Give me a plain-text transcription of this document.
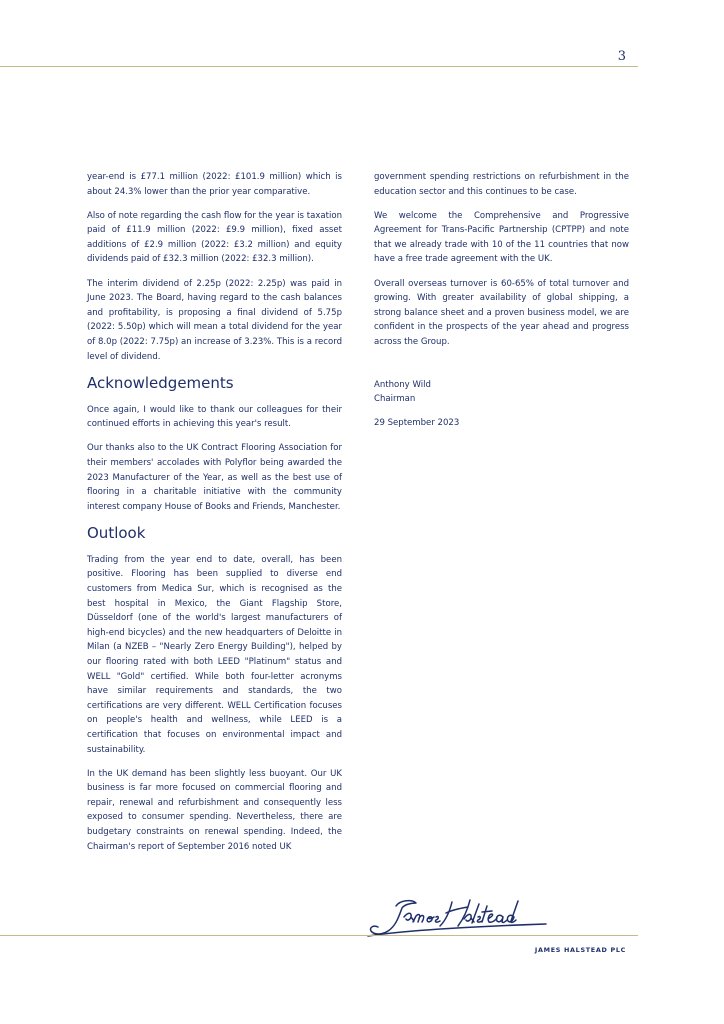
3

year-end is £77.1 million (2022: £101.9 million) which is about 24.3% lower than the prior year comparative.

Also of note regarding the cash flow for the year is taxation paid of £11.9 million (2022: £9.9 million), fixed asset additions of £2.9 million (2022: £3.2 million) and equity dividends paid of £32.3 million (2022: £32.3 million).

The interim dividend of 2.25p (2022: 2.25p) was paid in June 2023. The Board, having regard to the cash balances and profitability, is proposing a final dividend of 5.75p (2022: 5.50p) which will mean a total dividend for the year of 8.0p (2022: 7.75p) an increase of 3.23%. This is a record level of dividend.

Acknowledgements

Once again, I would like to thank our colleagues for their continued efforts in achieving this year's result.

Our thanks also to the UK Contract Flooring Association for their members' accolades with Polyflor being awarded the 2023 Manufacturer of the Year, as well as the best use of flooring in a charitable initiative with the community interest company House of Books and Friends, Manchester.

Outlook

Trading from the year end to date, overall, has been positive. Flooring has been supplied to diverse end customers from Medica Sur, which is recognised as the best hospital in Mexico, the Giant Flagship Store, Düsseldorf (one of the world's largest manufacturers of high-end bicycles) and the new headquarters of Deloitte in Milan (a NZEB – "Nearly Zero Energy Building"), helped by our flooring rated with both LEED "Platinum" status and WELL "Gold" certified. While both four-letter acronyms have similar requirements and standards, the two certifications are very different. WELL Certification focuses on people's health and wellness, while LEED is a certification that focuses on environmental impact and sustainability.

In the UK demand has been slightly less buoyant. Our UK business is far more focused on commercial flooring and repair, renewal and refurbishment and consequently less exposed to consumer spending. Nevertheless, there are budgetary constraints on renewal spending. Indeed, the Chairman's report of September 2016 noted UK

government spending restrictions on refurbishment in the education sector and this continues to be case.

We welcome the Comprehensive and Progressive Agreement for Trans-Pacific Partnership (CPTPP) and note that we already trade with 10 of the 11 countries that now have a free trade agreement with the UK.

Overall overseas turnover is 60-65% of total turnover and growing. With greater availability of global shipping, a strong balance sheet and a proven business model, we are confident in the prospects of the year ahead and progress across the Group.

Anthony Wild

Chairman

29 September 2023

JAMES HALSTEAD PLC
